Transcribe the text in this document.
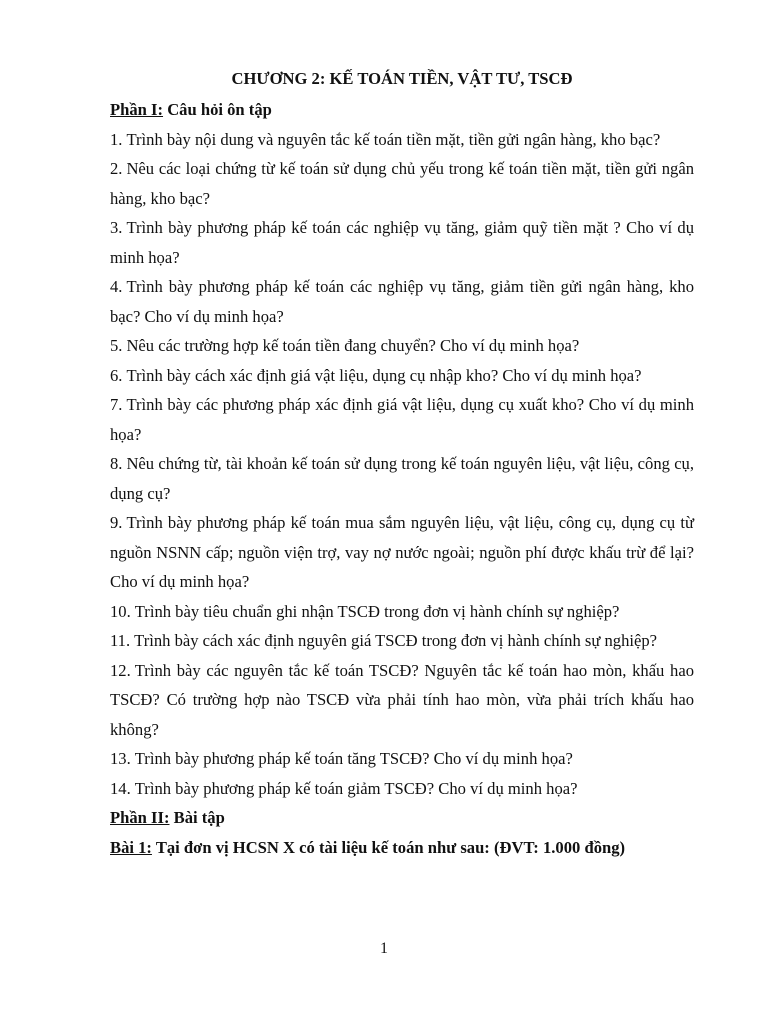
CHƯƠNG 2: KẾ TOÁN TIỀN, VẬT TƯ, TSCĐ
Phần I: Câu hỏi ôn tập
1. Trình bày nội dung và nguyên tắc kế toán tiền mặt, tiền gửi ngân hàng, kho bạc?
2. Nêu các loại chứng từ kế toán sử dụng chủ yếu trong kế toán tiền mặt, tiền gửi ngân hàng, kho bạc?
3. Trình bày phương pháp kế toán các nghiệp vụ tăng, giảm quỹ tiền mặt ? Cho ví dụ minh họa?
4. Trình bày phương pháp kế toán các nghiệp vụ tăng, giảm tiền gửi ngân hàng, kho bạc? Cho ví dụ minh họa?
5. Nêu các trường hợp kế toán tiền đang chuyển? Cho ví dụ minh họa?
6. Trình bày cách xác định giá vật liệu, dụng cụ nhập kho? Cho ví dụ minh họa?
7. Trình bày các phương pháp xác định giá vật liệu, dụng cụ xuất kho? Cho ví dụ minh họa?
8. Nêu chứng từ, tài khoản kế toán sử dụng trong kế toán nguyên liệu, vật liệu, công cụ, dụng cụ?
9. Trình bày phương pháp kế toán mua sắm nguyên liệu, vật liệu, công cụ, dụng cụ từ nguồn NSNN cấp; nguồn viện trợ, vay nợ nước ngoài; nguồn phí được khấu trừ để lại? Cho ví dụ minh họa?
10. Trình bày tiêu chuẩn ghi nhận TSCĐ trong đơn vị hành chính sự nghiệp?
11. Trình bày cách xác định nguyên giá TSCĐ trong đơn vị hành chính sự nghiệp?
12. Trình bày các nguyên tắc kế toán TSCĐ? Nguyên tắc kế toán hao mòn, khấu hao TSCĐ? Có trường hợp nào TSCĐ vừa phải tính hao mòn, vừa phải trích khấu hao không?
13. Trình bày phương pháp kế toán tăng TSCĐ? Cho ví dụ minh họa?
14. Trình bày phương pháp kế toán giảm TSCĐ? Cho ví dụ minh họa?
Phần II: Bài tập
Bài 1: Tại đơn vị HCSN X có tài liệu kế toán như sau: (ĐVT: 1.000 đồng)
1
